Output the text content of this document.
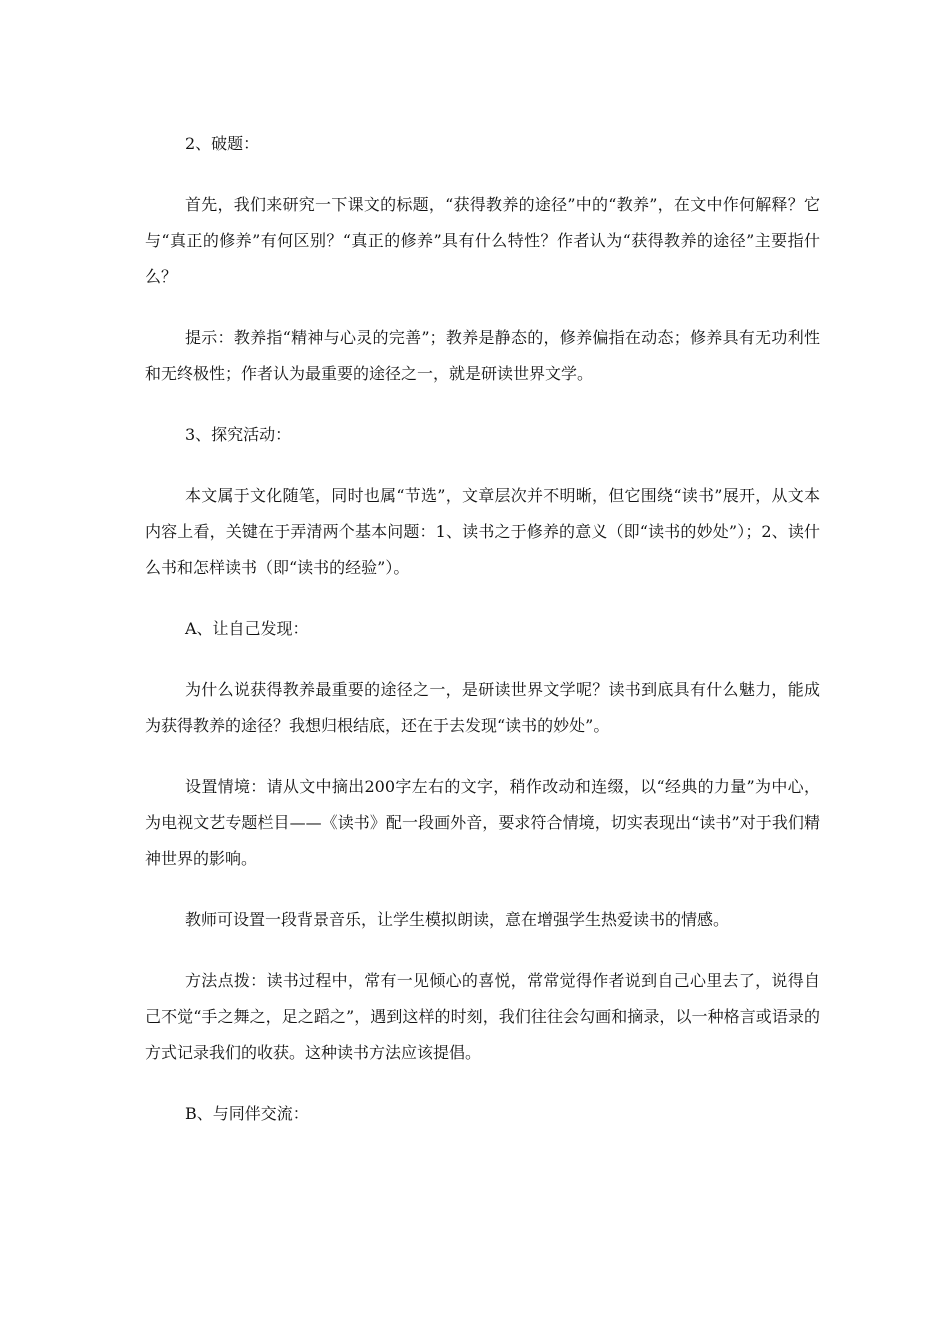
2、破题：

首先，我们来研究一下课文的标题，“获得教养的途径”中的“教养”，在文中作何解释？它与“真正的修养”有何区别？“真正的修养”具有什么特性？作者认为“获得教养的途径”主要指什么？

提示：教养指“精神与心灵的完善”；教养是静态的，修养偏指在动态；修养具有无功利性和无终极性；作者认为最重要的途径之一，就是研读世界文学。

3、探究活动：

本文属于文化随笔，同时也属“节选”，文章层次并不明晰，但它围绕“读书”展开，从文本内容上看，关键在于弄清两个基本问题：1、读书之于修养的意义（即“读书的妙处”）；2、读什么书和怎样读书（即“读书的经验”）。

A、让自己发现：

为什么说获得教养最重要的途径之一，是研读世界文学呢？读书到底具有什么魅力，能成为获得教养的途径？我想归根结底，还在于去发现“读书的妙处”。

设置情境：请从文中摘出200字左右的文字，稍作改动和连缀，以“经典的力量”为中心，为电视文艺专题栏目——《读书》配一段画外音，要求符合情境，切实表现出“读书”对于我们精神世界的影响。

教师可设置一段背景音乐，让学生模拟朗读，意在增强学生热爱读书的情感。

方法点拨：读书过程中，常有一见倾心的喜悦，常常觉得作者说到自己心里去了，说得自己不觉“手之舞之，足之蹈之”，遇到这样的时刻，我们往往会勾画和摘录，以一种格言或语录的方式记录我们的收获。这种读书方法应该提倡。

B、与同伴交流：
